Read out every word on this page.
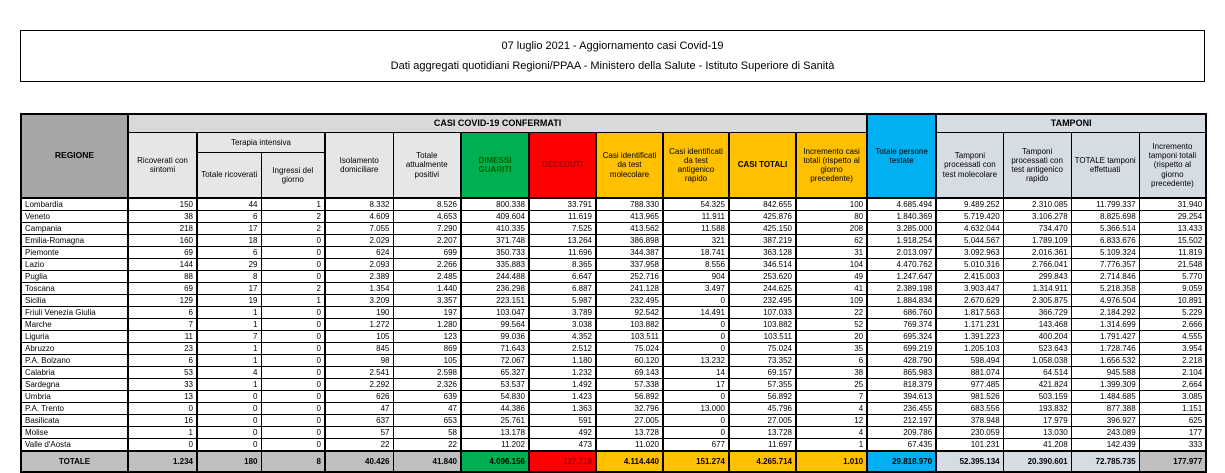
07 luglio 2021 - Aggiornamento casi Covid-19
Dati aggregati quotidiani Regioni/PPAA - Ministero della Salute - Istituto Superiore di Sanità
REGIONE	CASI COVID-19 CONFERMATI											Totale persone testate	TAMPONI			
	Ricoverati con sintomi	Terapia intensiva		Isolamento domiciliare	Totale attualmente positivi	DIMESSI GUARITI	DECEDUTI	Casi identificati da test molecolare	Casi identificati da test antigenico rapido	CASI TOTALI	Incremento casi totali (rispetto al giorno precedente)		Tamponi processati con test molecolare	Tamponi processati con test antigenico rapido	TOTALE tamponi effettuati	Incremento tamponi totali (rispetto al giorno precedente)
		Totale ricoverati	Ingressi del giorno													
Lombardia	150	44	1	8.332	8.526	800.338	33.791	788.330	54.325	842.655	100	4.685.494	9.489.252	2.310.085	11.799.337	31.940
Veneto	38	6	2	4.609	4.653	409.604	11.619	413.965	11.911	425.876	80	1.840.369	5.719.420	3.106.278	8.825.698	29.254
Campania	218	17	2	7.055	7.290	410.335	7.525	413.562	11.588	425.150	208	3.285.000	4.632.044	734.470	5.366.514	13.433
Emilia-Romagna	160	18	0	2.029	2.207	371.748	13.264	386.898	321	387.219	62	1.918.254	5.044.567	1.789.109	6.833.676	15.502
Piemonte	69	6	0	624	699	350.733	11.696	344.387	18.741	363.128	31	2.013.097	3.092.963	2.016.361	5.109.324	11.819
Lazio	144	29	0	2.093	2.266	335.883	8.365	337.958	8.556	346.514	104	4.470.762	5.010.316	2.766.041	7.776.357	21.548
Puglia	88	8	0	2.389	2.485	244.488	6.647	252.716	904	253.620	49	1.247.647	2.415.003	299.843	2.714.846	5.770
Toscana	69	17	2	1.354	1.440	236.298	6.887	241.128	3.497	244.625	41	2.389.198	3.903.447	1.314.911	5.218.358	9.059
Sicilia	129	19	1	3.209	3.357	223.151	5.987	232.495	0	232.495	109	1.884.834	2.670.629	2.305.875	4.976.504	10.891
Friuli Venezia Giulia	6	1	0	190	197	103.047	3.789	92.542	14.491	107.033	22	686.760	1.817.563	366.729	2.184.292	5.229
Marche	7	1	0	1.272	1.280	99.564	3.038	103.882	0	103.882	52	769.374	1.171.231	143.468	1.314.699	2.666
Liguria	11	7	0	105	123	99.036	4.352	103.511	0	103.511	20	695.324	1.391.223	400.204	1.791.427	4.555
Abruzzo	23	1	0	845	869	71.643	2.512	75.024	0	75.024	35	699.219	1.205.103	523.643	1.728.746	3.954
P.A. Bolzano	6	1	0	98	105	72.067	1.180	60.120	13.232	73.352	6	428.790	598.494	1.058.038	1.656.532	2.218
Calabria	53	4	0	2.541	2.598	65.327	1.232	69.143	14	69.157	38	865.983	881.074	64.514	945.588	2.104
Sardegna	33	1	0	2.292	2.326	53.537	1.492	57.338	17	57.355	25	818.379	977.485	421.824	1.399.309	2.664
Umbria	13	0	0	626	639	54.830	1.423	56.892	0	56.892	7	394.613	981.526	503.159	1.484.685	3.085
P.A. Trento	0	0	0	47	47	44.386	1.363	32.796	13.000	45.796	4	236.455	683.556	193.832	877.388	1.151
Basilicata	16	0	0	637	653	25.761	591	27.005	0	27.005	12	212.197	378.948	17.979	396.927	625
Molise	1	0	0	57	58	13.178	492	13.728	0	13.728	4	209.786	230.059	13.030	243.089	177
Valle d'Aosta	0	0	0	22	22	11.202	473	11.020	677	11.697	1	67.435	101.231	41.208	142.439	333
TOTALE	1.234	180	8	40.426	41.840	4.096.156	127.718	4.114.440	151.274	4.265.714	1.010	29.818.970	52.395.134	20.390.601	72.785.735	177.977
